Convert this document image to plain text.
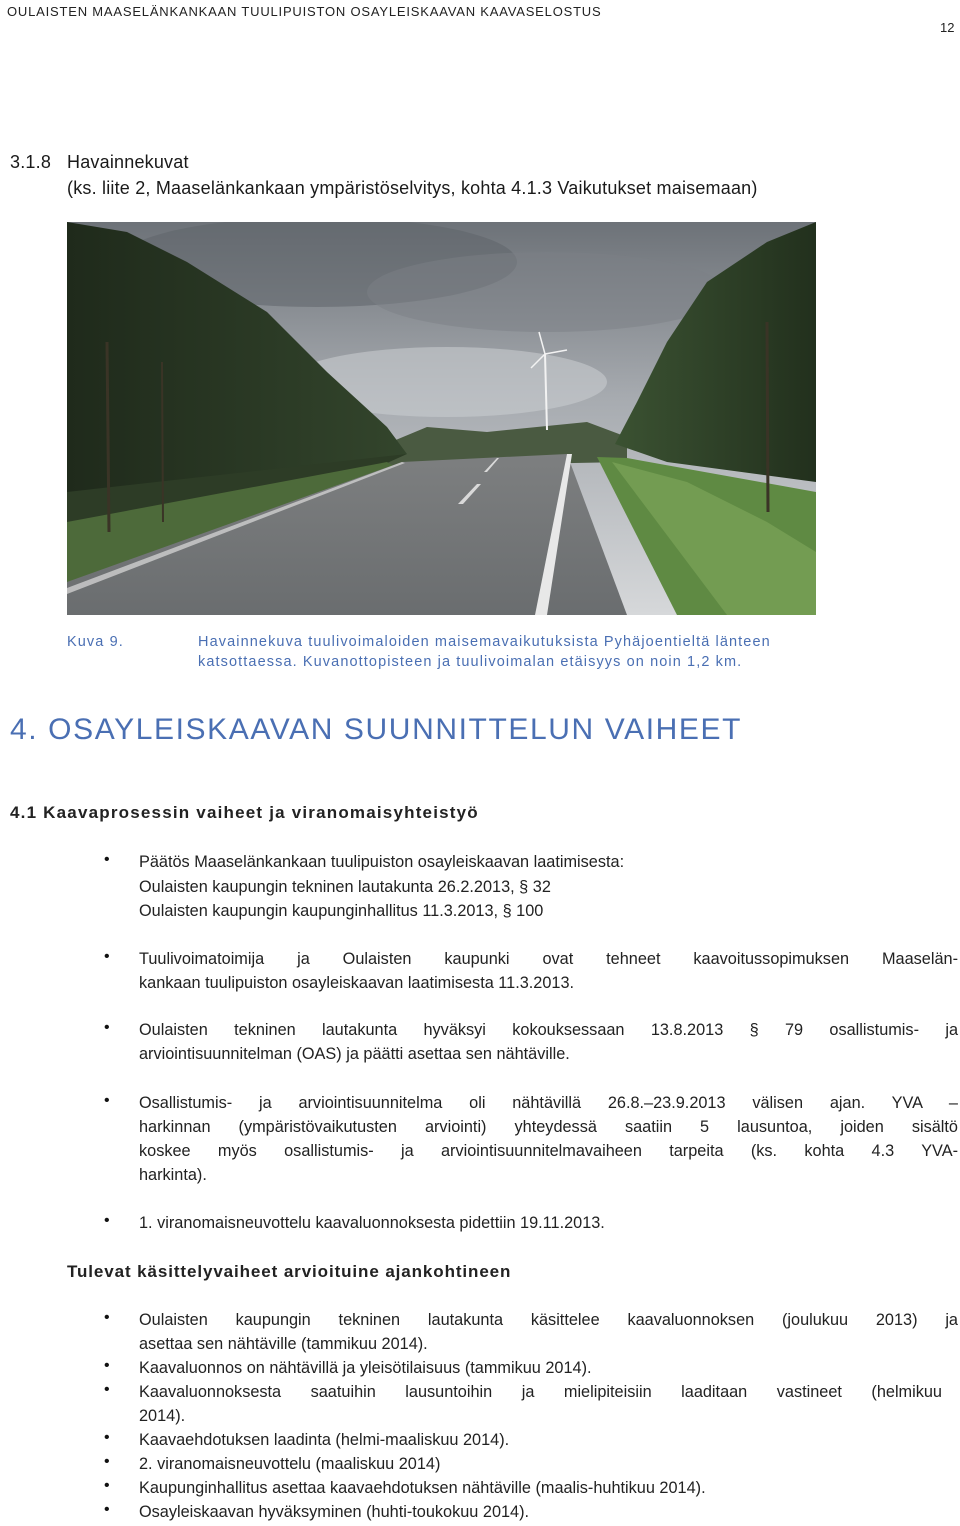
OULAISTEN MAASELÄNKANKAAN TUULIPUISTON OSAYLEISKAAVAN KAAVASELOSTUS
12
3.1.8 Havainnekuvat
(ks. liite 2, Maaselänkankaan ympäristöselvitys, kohta 4.1.3 Vaikutukset maisemaan)
Kuva 9.	Havainnekuva tuulivoimaloiden maisemavaikutuksista Pyhäjoentieltä länteen
katsottaessa. Kuvanottopisteen ja tuulivoimalan etäisyys on noin 1,2 km.
4. OSAYLEISKAAVAN SUUNNITTELUN VAIHEET
4.1 Kaavaprosessin vaiheet ja viranomaisyhteistyö
• Päätös Maaselänkankaan tuulipuiston osayleiskaavan laatimisesta:
Oulaisten kaupungin tekninen lautakunta 26.2.2013, § 32
Oulaisten kaupungin kaupunginhallitus 11.3.2013, § 100
• Tuulivoimatoimija ja Oulaisten kaupunki ovat tehneet kaavoitussopimuksen Maaselän-
kankaan tuulipuiston osayleiskaavan laatimisesta 11.3.2013.
• Oulaisten tekninen lautakunta hyväksyi kokouksessaan 13.8.2013 § 79 osallistumis- ja
arviointisuunnitelman (OAS) ja päätti asettaa sen nähtäville.
• Osallistumis- ja arviointisuunnitelma oli nähtävillä 26.8.–23.9.2013 välisen ajan. YVA –
harkinnan (ympäristövaikutusten arviointi) yhteydessä saatiin 5 lausuntoa, joiden sisältö
koskee myös osallistumis- ja arviointisuunnitelmavaiheen tarpeita (ks. kohta 4.3 YVA-
harkinta).
• 1. viranomaisneuvottelu kaavaluonnoksesta pidettiin 19.11.2013.
Tulevat käsittelyvaiheet arvioituine ajankohtineen
• Oulaisten kaupungin tekninen lautakunta käsittelee kaavaluonnoksen (joulukuu 2013) ja
asettaa sen nähtäville (tammikuu 2014).
• Kaavaluonnos on nähtävillä ja yleisötilaisuus (tammikuu 2014).
• Kaavaluonnoksesta saatuihin lausuntoihin ja mielipiteisiin laaditaan vastineet (helmikuu
2014).
• Kaavaehdotuksen laadinta (helmi-maaliskuu 2014).
• 2. viranomaisneuvottelu (maaliskuu 2014)
• Kaupunginhallitus asettaa kaavaehdotuksen nähtäville (maalis-huhtikuu 2014).
• Osayleiskaavan hyväksyminen (huhti-toukokuu 2014).
